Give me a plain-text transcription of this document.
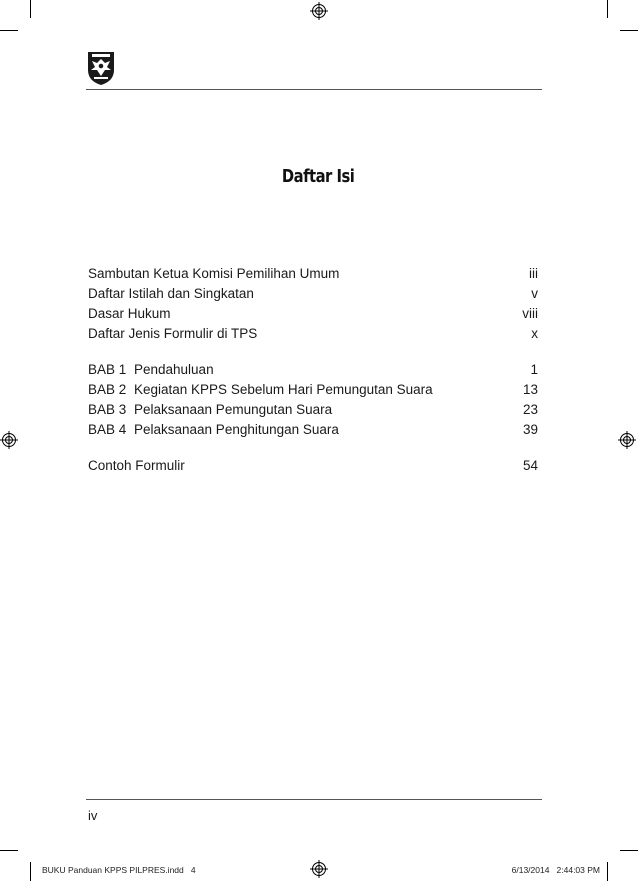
Daftar Isi
Sambutan Ketua Komisi Pemilihan Umum	iii
Daftar Istilah dan Singkatan	v
Dasar Hukum	viii
Daftar Jenis Formulir di TPS	x
BAB 1 Pendahuluan	1
BAB 2 Kegiatan KPPS Sebelum Hari Pemungutan Suara	13
BAB 3 Pelaksanaan Pemungutan Suara	23
BAB 4 Pelaksanaan Penghitungan Suara	39
Contoh Formulir	54
iv
BUKU Panduan KPPS PILPRES.indd   4	6/13/2014   2:44:03 PM
